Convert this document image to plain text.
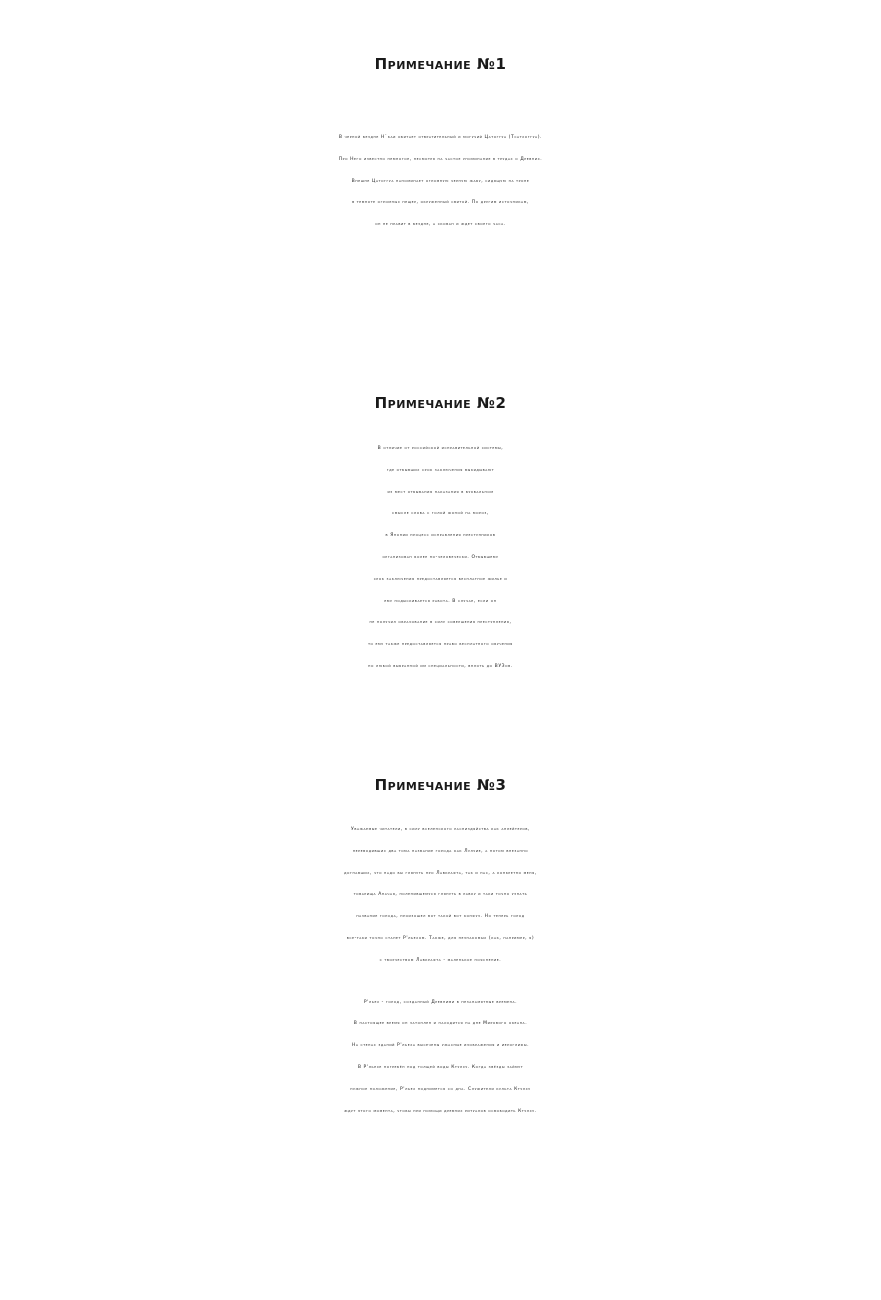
Примечание №1

В черной бездне Н`каи обитает отвратительный и могучий Цатоггуа (Тсатхоггуа).
Про Него известно немногое, несмотря на частое упоминание в трудах о Древних.
Внешне Цатоггуа напоминает огромную черную жабу, сидящую на троне
в темноте огромных пещер, окруженный свитой. По другим источникам,
он не правит в бездне, а скован и ждет своего часа.

Примечание №2

В отличие от российской исправительной системы,
где отбывших срок заключения выкидывают
из мест отбывания наказания в буквальном
смысле слова с голой жопой на мороз,
в Японии процесс исправления преступников
организован более по-человечески. Отбывшему
срок заключения предоставляется бесплатное жилье и
ему подыскивается работа. В случае, если он
не получил образование в силу совершения преступления,
то ему также предоставляется право бесплатного обучения
по любой выбранной им специальности, вплоть до ВУЗов.

Примечание №3

Уважаемые читатели, в силу вселенского распиздяйства как анлейтеров,
переводивших два тома название города как Лулуие, а потом внезапно
догнавших, что надо бы глянуть про Лавкрафта, так и нас, а конкретно меня,
товарища Апачая, поленившемуся глянуть в равку и таки точно узнать
название города, произошел вот такой вот конфуз. Но теперь город
все-таки точно станет Р'льехом. Также, для незнакомых (как, например, я)
с творчеством Лавкрафта - маленькое пояснение.

Р'льех - город, созданный Древними в незапамятные времена.
В настоящее время он затоплен и находится на дне Мирового океана.
На стенах зданий Р'льеха высечены ужасные изображения и иероглифы.
В Р'льехе погребён под толщей воды Ктулху. Когда звёзды займут
нужное положение, Р'льех поднимется со дна. Служители культа Ктулху
ждут этого момента, чтобы при помощи древних ритуалов освободить Ктулху.
